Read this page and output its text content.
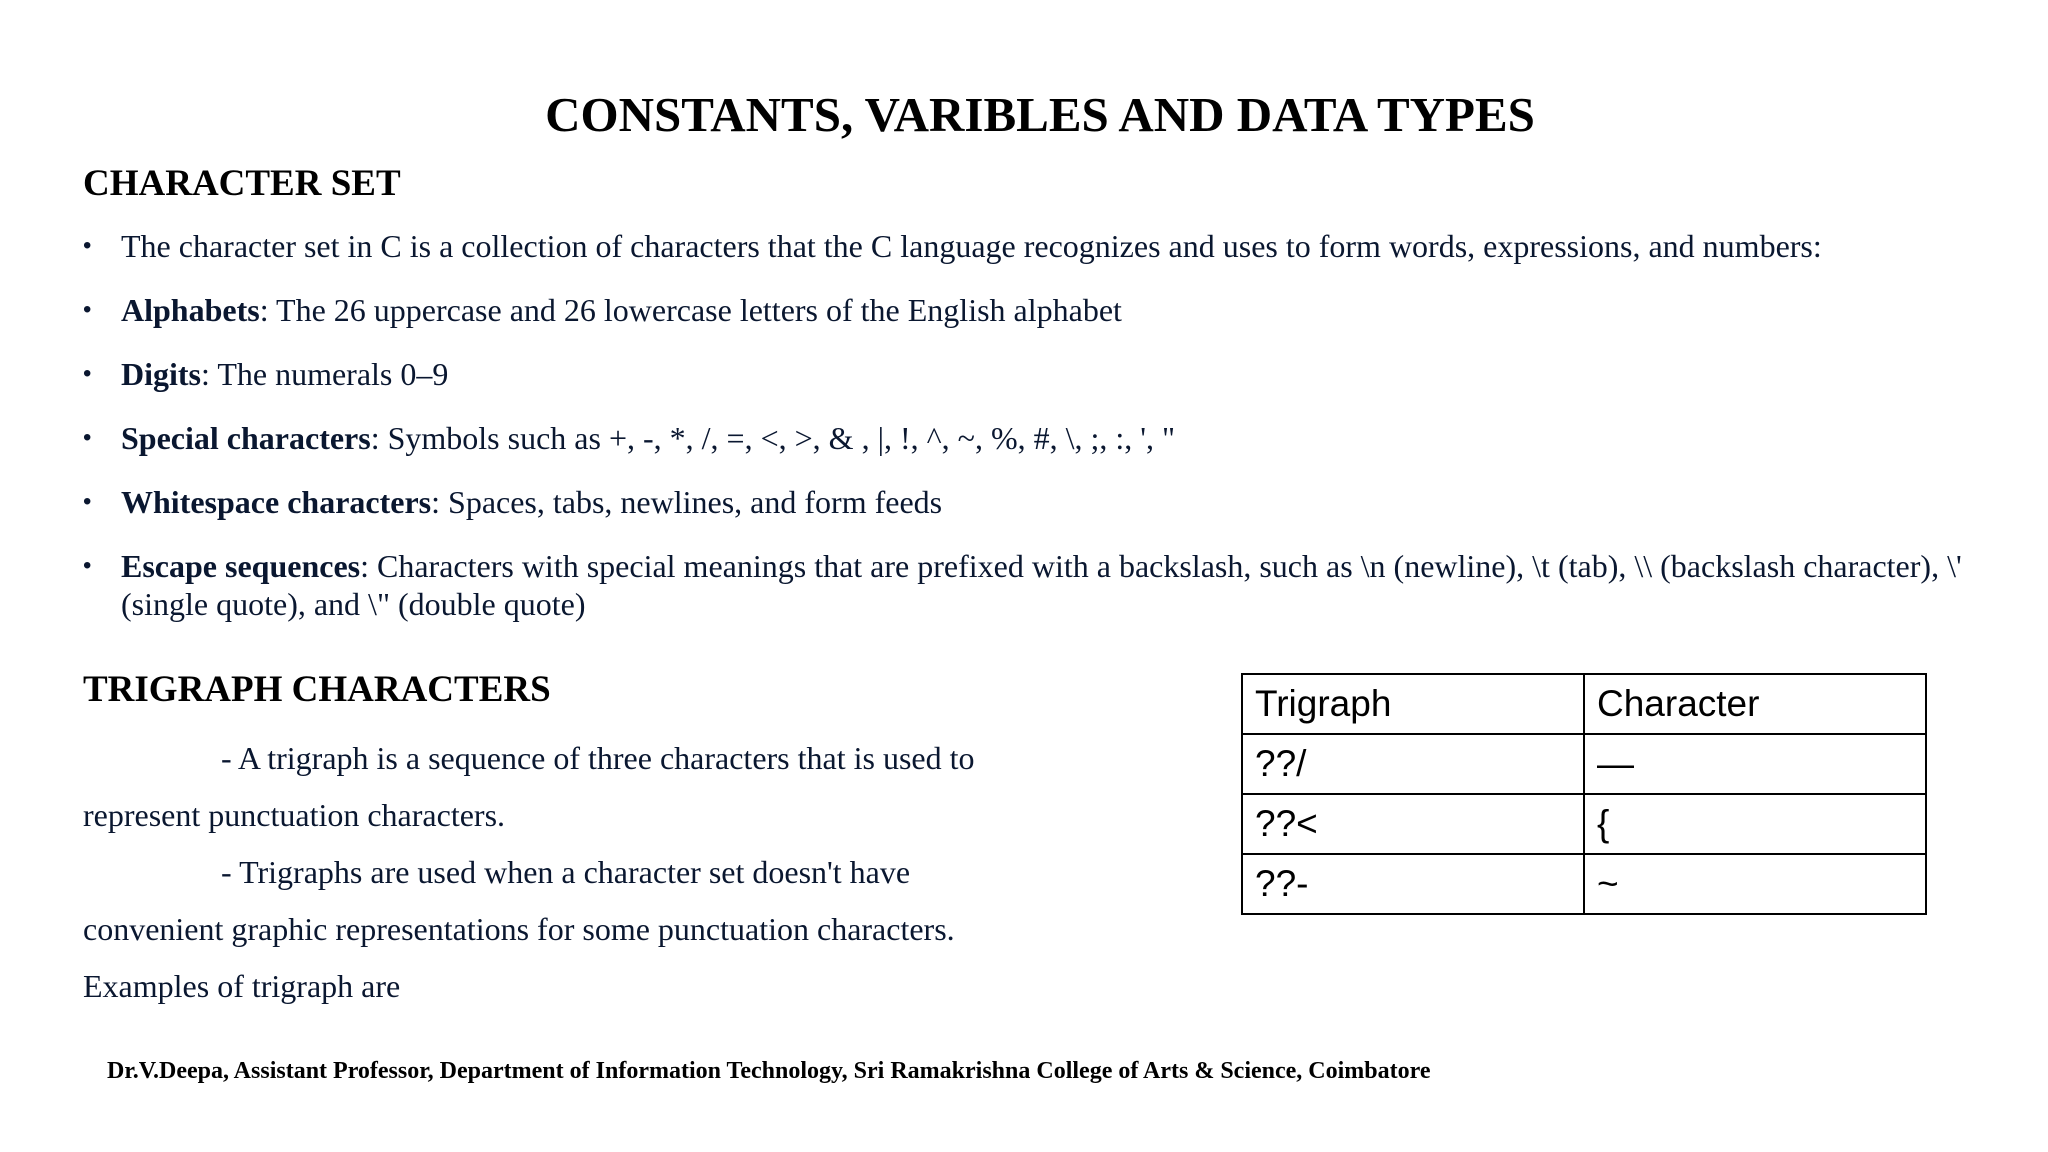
CONSTANTS, VARIBLES AND DATA TYPES
CHARACTER SET
• The character set in C is a collection of characters that the C language recognizes and uses to form words, expressions, and numbers:
• Alphabets: The 26 uppercase and 26 lowercase letters of the English alphabet
• Digits: The numerals 0–9
• Special characters: Symbols such as +, -, *, /, =, <, >, & , |, !, ^, ~, %, #, \, ;, :, ', "
• Whitespace characters: Spaces, tabs, newlines, and form feeds
• Escape sequences: Characters with special meanings that are prefixed with a backslash, such as \n (newline), \t (tab), \\ (backslash character), \' (single quote), and \" (double quote)
TRIGRAPH CHARACTERS
- A trigraph is a sequence of three characters that is used to
represent punctuation characters.
- Trigraphs are used when a character set doesn't have
convenient graphic representations for some punctuation characters.
Examples of trigraph are
Trigraph	Character
??/	—
??<	{
??-	~
Dr.V.Deepa, Assistant Professor, Department of Information Technology, Sri Ramakrishna College of Arts & Science, Coimbatore
